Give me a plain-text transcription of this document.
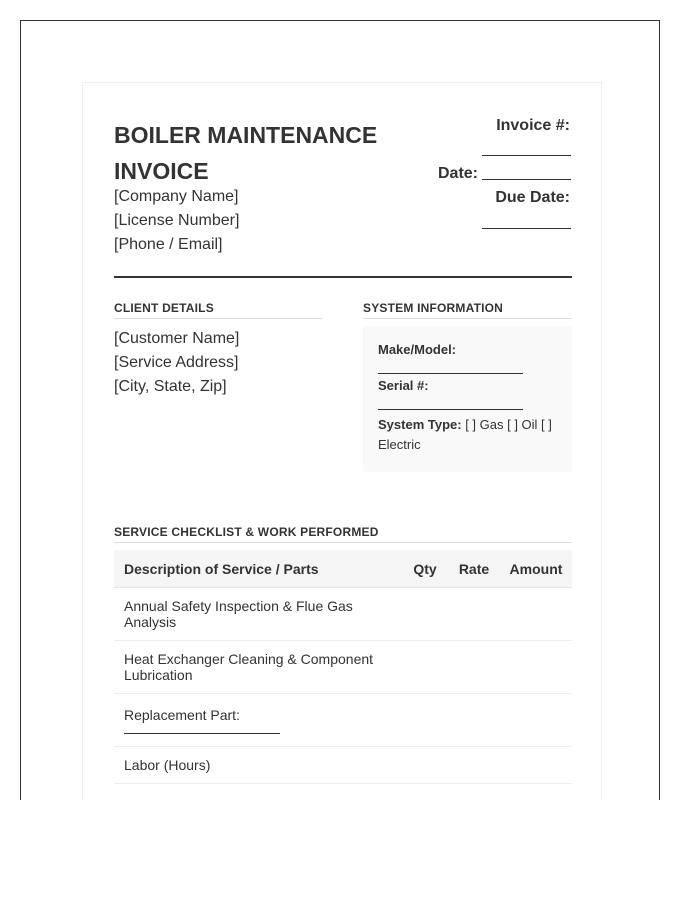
BOILER MAINTENANCE INVOICE
[Company Name]
[License Number]
[Phone / Email]
Invoice #:
Date:
Due Date:
CLIENT DETAILS
[Customer Name]
[Service Address]
[City, State, Zip]
SYSTEM INFORMATION
Make/Model:
Serial #:
System Type: [ ] Gas [ ] Oil [ ] Electric
SERVICE CHECKLIST & WORK PERFORMED
Description of Service / Parts	Qty	Rate	Amount
Annual Safety Inspection & Flue Gas Analysis			
Heat Exchanger Cleaning & Component Lubrication			
Replacement Part:

Labor (Hours)			
